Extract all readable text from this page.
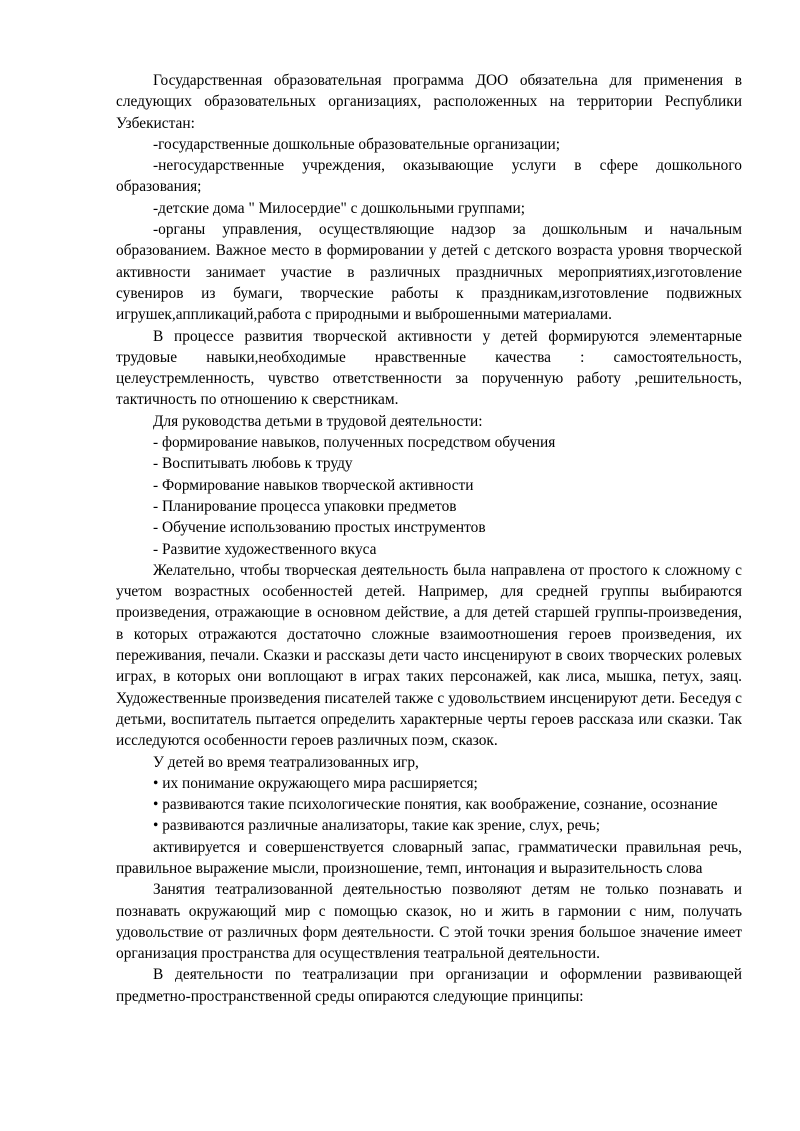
Государственная образовательная программа ДОО обязательна для применения в следующих образовательных организациях, расположенных на территории Республики Узбекистан:

-государственные дошкольные образовательные организации;

-негосударственные учреждения, оказывающие услуги в сфере дошкольного образования;

-детские дома " Милосердие" с дошкольными группами;

-органы управления, осуществляющие надзор за дошкольным и начальным образованием. Важное место в формировании у детей с детского возраста уровня творческой активности занимает участие в различных праздничных мероприятиях,изготовление сувениров из бумаги, творческие работы к праздникам,изготовление подвижных игрушек,аппликаций,работа с природными и выброшенными материалами.

В процессе развития творческой активности у детей формируются элементарные трудовые навыки,необходимые нравственные качества : самостоятельность, целеустремленность, чувство ответственности за порученную работу ,решительность, тактичность по отношению к сверстникам.

Для руководства детьми в трудовой деятельности:

- формирование навыков, полученных посредством обучения

- Воспитывать любовь к труду

- Формирование навыков творческой активности

- Планирование процесса упаковки предметов

- Обучение использованию простых инструментов

- Развитие художественного вкуса

Желательно, чтобы творческая деятельность была направлена от простого к сложному с учетом возрастных особенностей детей. Например, для средней группы выбираются произведения, отражающие в основном действие, а для детей старшей группы-произведения, в которых отражаются достаточно сложные взаимоотношения героев произведения, их переживания, печали. Сказки и рассказы дети часто инсценируют в своих творческих ролевых играх, в которых они воплощают в играх таких персонажей, как лиса, мышка, петух, заяц. Художественные произведения писателей также с удовольствием инсценируют дети. Беседуя с детьми, воспитатель пытается определить характерные черты героев рассказа или сказки. Так исследуются особенности героев различных поэм, сказок.

У детей во время театрализованных игр,

• их понимание окружающего мира расширяется;

• развиваются такие психологические понятия, как воображение, сознание, осознание

• развиваются различные анализаторы, такие как зрение, слух, речь;

активируется и совершенствуется словарный запас, грамматически правильная речь, правильное выражение мысли, произношение, темп, интонация и выразительность слова

Занятия театрализованной деятельностью позволяют детям не только познавать и познавать окружающий мир с помощью сказок, но и жить в гармонии с ним, получать удовольствие от различных форм деятельности. С этой точки зрения большое значение имеет организация пространства для осуществления театральной деятельности.

В деятельности по театрализации при организации и оформлении развивающей предметно-пространственной среды опираются следующие принципы:
